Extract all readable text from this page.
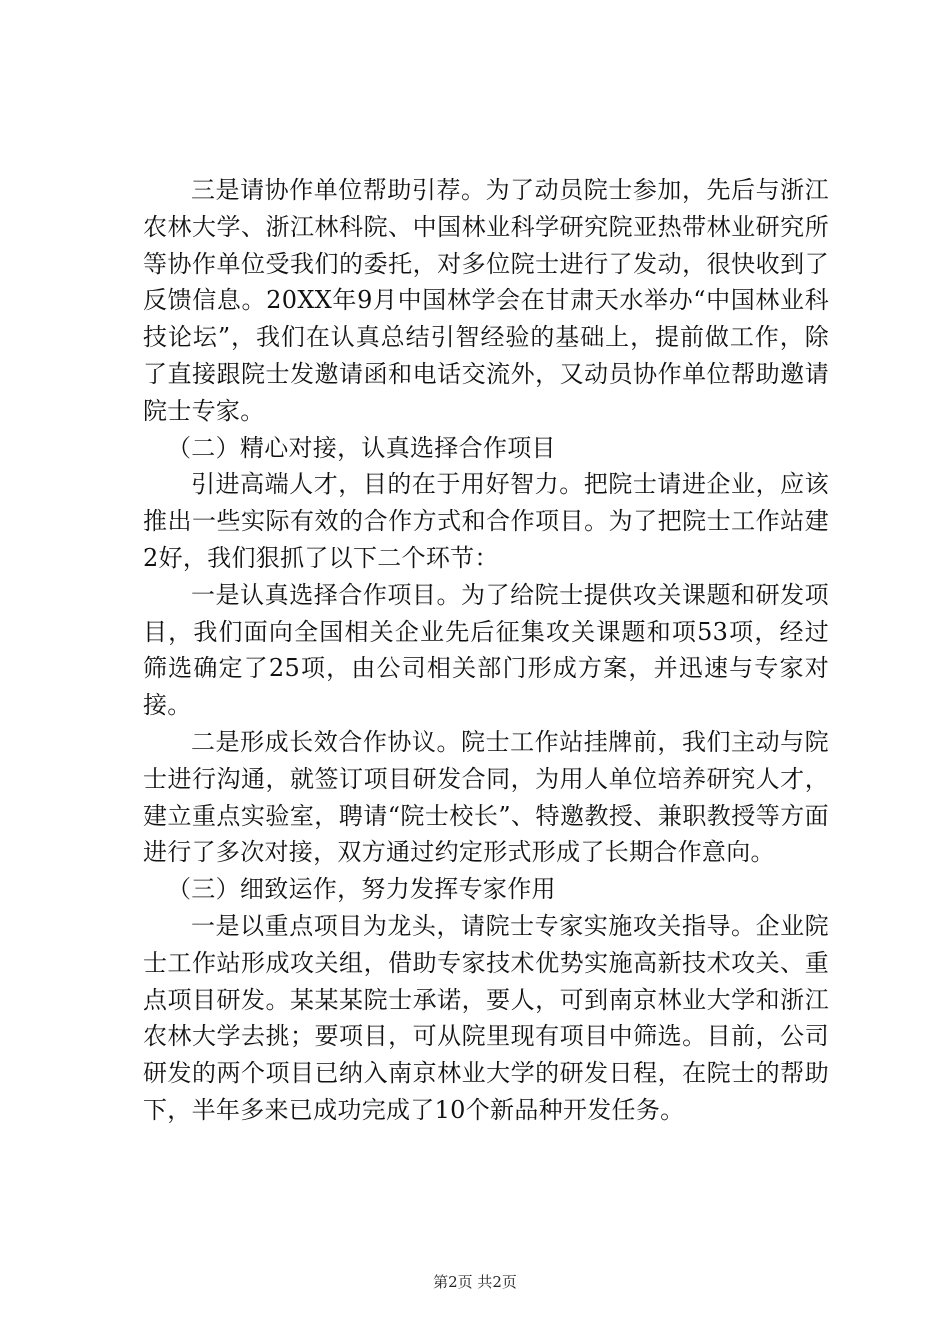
三是请协作单位帮助引荐。为了动员院士参加，先后与浙江农林大学、浙江林科院、中国林业科学研究院亚热带林业研究所等协作单位受我们的委托，对多位院士进行了发动，很快收到了反馈信息。20XX年9月中国林学会在甘肃天水举办“中国林业科技论坛”，我们在认真总结引智经验的基础上，提前做工作，除了直接跟院士发邀请函和电话交流外，又动员协作单位帮助邀请院士专家。

（二）精心对接，认真选择合作项目

引进高端人才，目的在于用好智力。把院士请进企业，应该推出一些实际有效的合作方式和合作项目。为了把院士工作站建2好，我们狠抓了以下二个环节：

一是认真选择合作项目。为了给院士提供攻关课题和研发项目，我们面向全国相关企业先后征集攻关课题和项53项，经过筛选确定了25项，由公司相关部门形成方案，并迅速与专家对接。

二是形成长效合作协议。院士工作站挂牌前，我们主动与院士进行沟通，就签订项目研发合同，为用人单位培养研究人才，建立重点实验室，聘请“院士校长”、特邀教授、兼职教授等方面进行了多次对接，双方通过约定形式形成了长期合作意向。

（三）细致运作，努力发挥专家作用

一是以重点项目为龙头，请院士专家实施攻关指导。企业院士工作站形成攻关组，借助专家技术优势实施高新技术攻关、重点项目研发。某某某院士承诺，要人，可到南京林业大学和浙江农林大学去挑；要项目，可从院里现有项目中筛选。目前，公司研发的两个项目已纳入南京林业大学的研发日程，在院士的帮助下，半年多来已成功完成了10个新品种开发任务。

第2页 共2页
